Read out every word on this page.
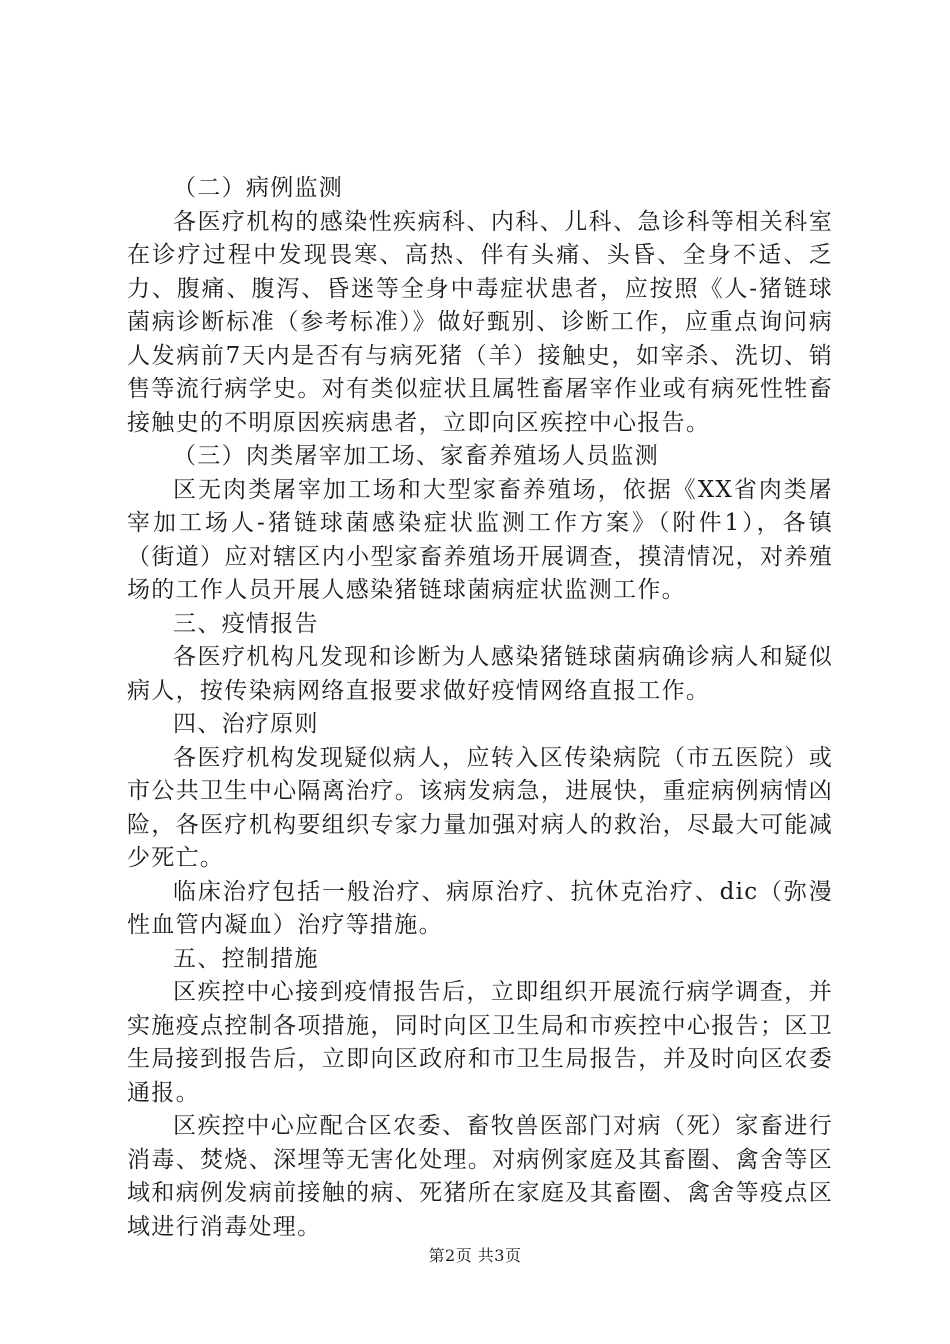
（二）病例监测

各医疗机构的感染性疾病科、内科、儿科、急诊科等相关科室在诊疗过程中发现畏寒、高热、伴有头痛、头昏、全身不适、乏力、腹痛、腹泻、昏迷等全身中毒症状患者，应按照《人-猪链球菌病诊断标准（参考标准）》做好甄别、诊断工作，应重点询问病人发病前7天内是否有与病死猪（羊）接触史，如宰杀、洗切、销售等流行病学史。对有类似症状且属牲畜屠宰作业或有病死性牲畜接触史的不明原因疾病患者，立即向区疾控中心报告。

（三）肉类屠宰加工场、家畜养殖场人员监测

区无肉类屠宰加工场和大型家畜养殖场，依据《XX省肉类屠宰加工场人-猪链球菌感染症状监测工作方案》（附件1），各镇（街道）应对辖区内小型家畜养殖场开展调查，摸清情况，对养殖场的工作人员开展人感染猪链球菌病症状监测工作。

三、疫情报告

各医疗机构凡发现和诊断为人感染猪链球菌病确诊病人和疑似病人，按传染病网络直报要求做好疫情网络直报工作。

四、治疗原则

各医疗机构发现疑似病人，应转入区传染病院（市五医院）或市公共卫生中心隔离治疗。该病发病急，进展快，重症病例病情凶险，各医疗机构要组织专家力量加强对病人的救治，尽最大可能减少死亡。

临床治疗包括一般治疗、病原治疗、抗休克治疗、dic（弥漫性血管内凝血）治疗等措施。

五、控制措施

区疾控中心接到疫情报告后，立即组织开展流行病学调查，并实施疫点控制各项措施，同时向区卫生局和市疾控中心报告；区卫生局接到报告后，立即向区政府和市卫生局报告，并及时向区农委通报。

区疾控中心应配合区农委、畜牧兽医部门对病（死）家畜进行消毒、焚烧、深埋等无害化处理。对病例家庭及其畜圈、禽舍等区域和病例发病前接触的病、死猪所在家庭及其畜圈、禽舍等疫点区域进行消毒处理。

第2页 共3页
